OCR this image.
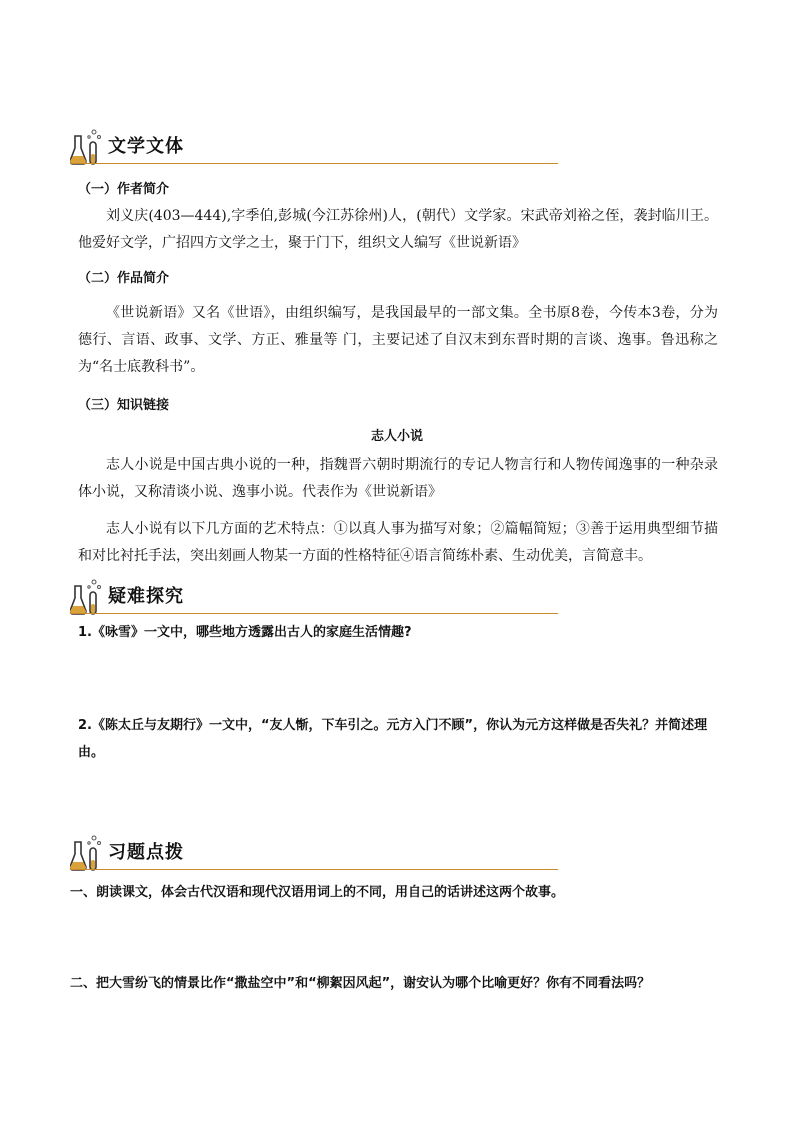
文学文体
（一）作者简介
刘义庆(403—444),字季伯,彭城(今江苏徐州)人，(朝代）文学家。宋武帝刘裕之侄，袭封临川王。他爱好文学，广招四方文学之士，聚于门下，组织文人编写《世说新语》
（二）作品简介
《世说新语》又名《世语》，由组织编写，是我国最早的一部文集。全书原8卷，今传本3卷，分为德行、言语、政事、文学、方正、雅量等 门，主要记述了自汉末到东晋时期的言谈、逸事。鲁迅称之为“名士底教科书”。
（三）知识链接
志人小说
志人小说是中国古典小说的一种，指魏晋六朝时期流行的专记人物言行和人物传闻逸事的一种杂录体小说，又称清谈小说、逸事小说。代表作为《世说新语》
志人小说有以下几方面的艺术特点：①以真人事为描写对象；②篇幅简短；③善于运用典型细节描和对比衬托手法，突出刻画人物某一方面的性格特征④语言简练朴素、生动优美，言简意丰。
疑难探究
1.《咏雪》一文中，哪些地方透露出古人的家庭生活情趣?
2.《陈太丘与友期行》一文中，“友人惭，下车引之。元方入门不顾”，你认为元方这样做是否失礼？并简述理由。
习题点拨
一、朗读课文，体会古代汉语和现代汉语用词上的不同，用自己的话讲述这两个故事。
二、把大雪纷飞的情景比作“撒盐空中”和“柳絮因风起”，谢安认为哪个比喻更好？你有不同看法吗？
